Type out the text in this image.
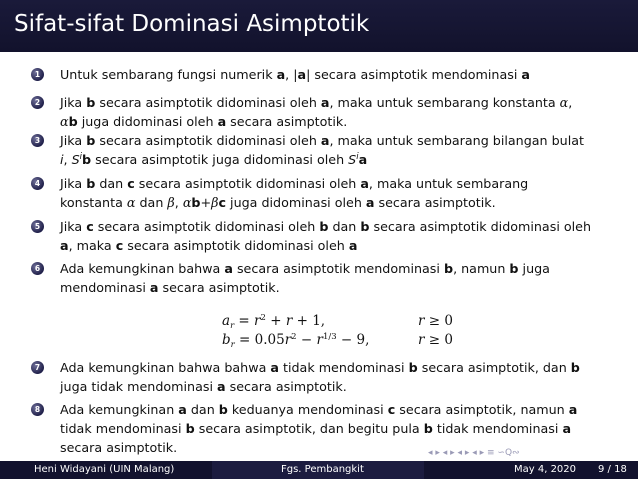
Sifat-sifat Dominasi Asimptotik
1	Untuk sembarang fungsi numerik a, |a| secara asimptotik mendominasi a
2	Jika b secara asimptotik didominasi oleh a, maka untuk sembarang konstanta α,
αb juga didominasi oleh a secara asimptotik.
3	Jika b secara asimptotik didominasi oleh a, maka untuk sembarang bilangan bulat
i, $S^ib$ secara asimptotik juga didominasi oleh $S^ia$
4	Jika b dan c secara asimptotik didominasi oleh a, maka untuk sembarang
konstanta α dan β, αb+βc juga didominasi oleh a secara asimptotik.
5	Jika c secara asimptotik didominasi oleh b dan b secara asimptotik didominasi oleh
a, maka c secara asimptotik didominasi oleh a
6	Ada kemungkinan bahwa a secara asimptotik mendominasi b, namun b juga
mendominasi a secara asimptotik.
$a_r = r^2 + r + 1$,	r ≥ 0
$b_r = 0.05r^2 - r^{1/3} - 9$,	r ≥ 0
7	Ada kemungkinan bahwa bahwa a tidak mendominasi b secara asimptotik, dan b
juga tidak mendominasi a secara asimptotik.
8	Ada kemungkinan a dan b keduanya mendominasi c secara asimptotik, namun a
tidak mendominasi b secara asimptotik, dan begitu pula b tidak mendominasi a
secara asimptotik.	◂ ▸ ◂ ▸ ◂ ▸ ◂ ▸ ≡ ∽Q∾
Heni Widayani (UIN Malang)	Fgs. Pembangkit	May 4, 2020 9 / 18
